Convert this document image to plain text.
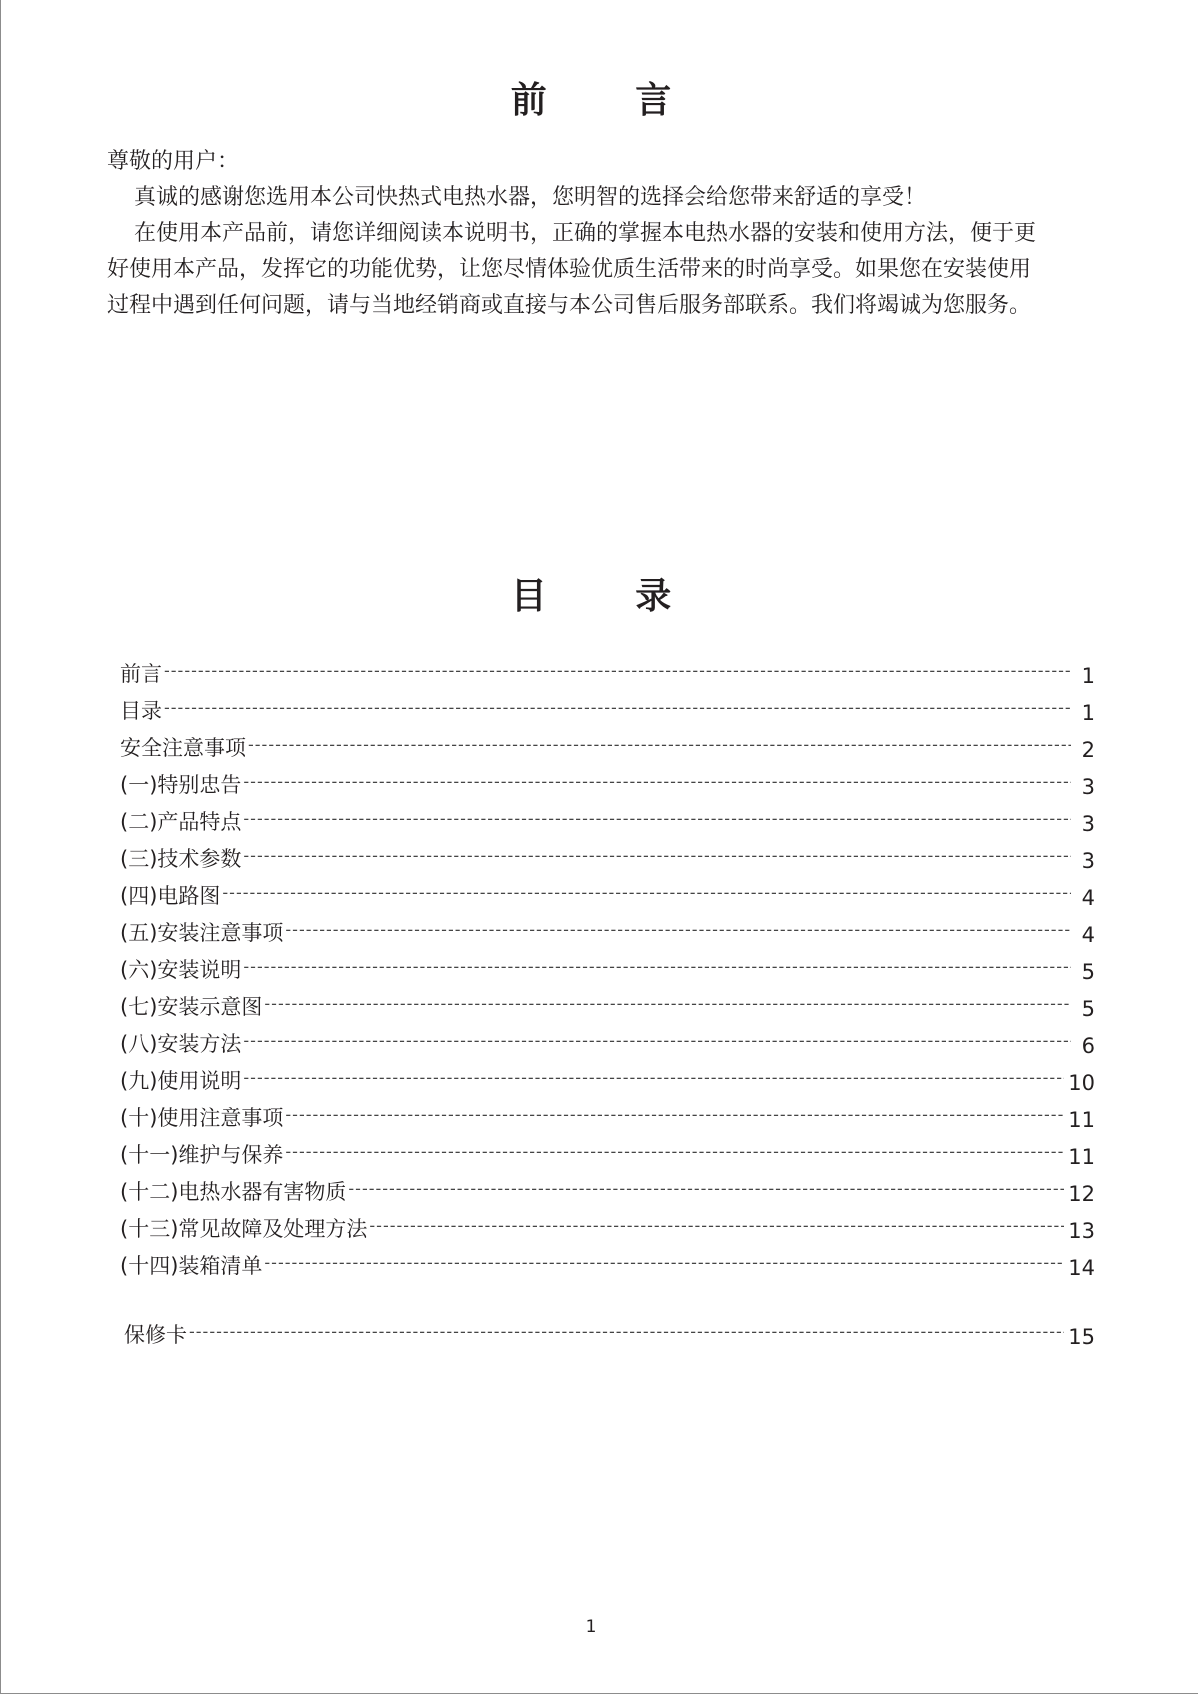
前 言

尊敬的用户：

真诚的感谢您选用本公司快热式电热水器，您明智的选择会给您带来舒适的享受！

在使用本产品前，请您详细阅读本说明书，正确的掌握本电热水器的安装和使用方法，便于更好使用本产品，发挥它的功能优势，让您尽情体验优质生活带来的时尚享受。如果您在安装使用过程中遇到任何问题，请与当地经销商或直接与本公司售后服务部联系。我们将竭诚为您服务。

目 录
前言 -----	1
目录 -----	1
安全注意事项 -----	2
(一)特别忠告 -----	3
(二)产品特点 -----	3
(三)技术参数 -----	3
(四)电路图 -----	4
(五)安装注意事项 -----	4
(六)安装说明 -----	5
(七)安装示意图 -----	5
(八)安装方法 -----	6
(九)使用说明 -----	10
(十)使用注意事项 -----	11
(十一)维护与保养 -----	11
(十二)电热水器有害物质 -----	12
(十三)常见故障及处理方法 -----	13
(十四)装箱清单 -----	14
保修卡 -----	15
1
